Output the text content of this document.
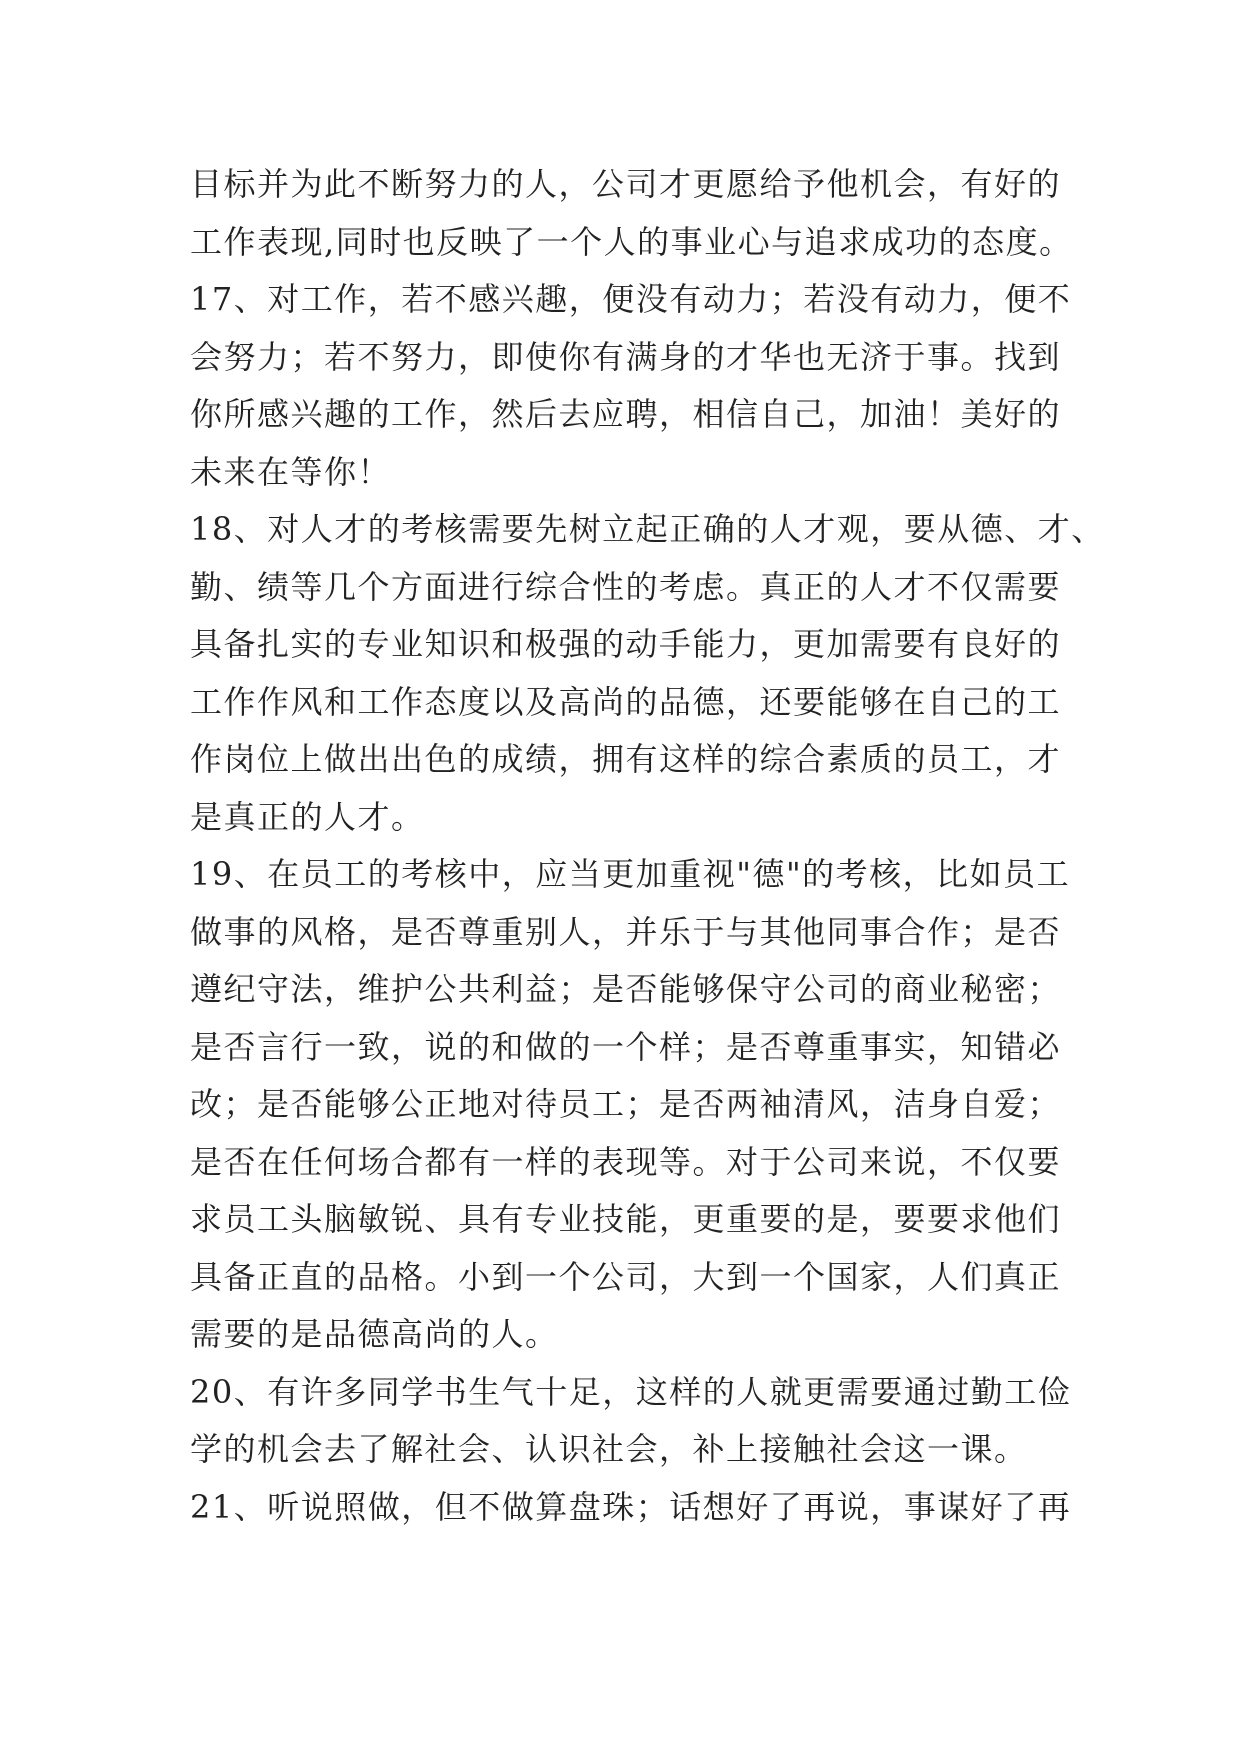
目标并为此不断努力的人，公司才更愿给予他机会，有好的
工作表现,同时也反映了一个人的事业心与追求成功的态度。
17、对工作，若不感兴趣，便没有动力；若没有动力，便不
会努力；若不努力，即使你有满身的才华也无济于事。找到
你所感兴趣的工作，然后去应聘，相信自己，加油！美好的
未来在等你！
18、对人才的考核需要先树立起正确的人才观，要从德、才、
勤、绩等几个方面进行综合性的考虑。真正的人才不仅需要
具备扎实的专业知识和极强的动手能力，更加需要有良好的
工作作风和工作态度以及高尚的品德，还要能够在自己的工
作岗位上做出出色的成绩，拥有这样的综合素质的员工，才
是真正的人才。
19、在员工的考核中，应当更加重视"德"的考核，比如员工
做事的风格，是否尊重别人，并乐于与其他同事合作；是否
遵纪守法，维护公共利益；是否能够保守公司的商业秘密；
是否言行一致，说的和做的一个样；是否尊重事实，知错必
改；是否能够公正地对待员工；是否两袖清风，洁身自爱；
是否在任何场合都有一样的表现等。对于公司来说，不仅要
求员工头脑敏锐、具有专业技能，更重要的是，要要求他们
具备正直的品格。小到一个公司，大到一个国家，人们真正
需要的是品德高尚的人。
20、有许多同学书生气十足，这样的人就更需要通过勤工俭
学的机会去了解社会、认识社会，补上接触社会这一课。
21、听说照做，但不做算盘珠；话想好了再说，事谋好了再
